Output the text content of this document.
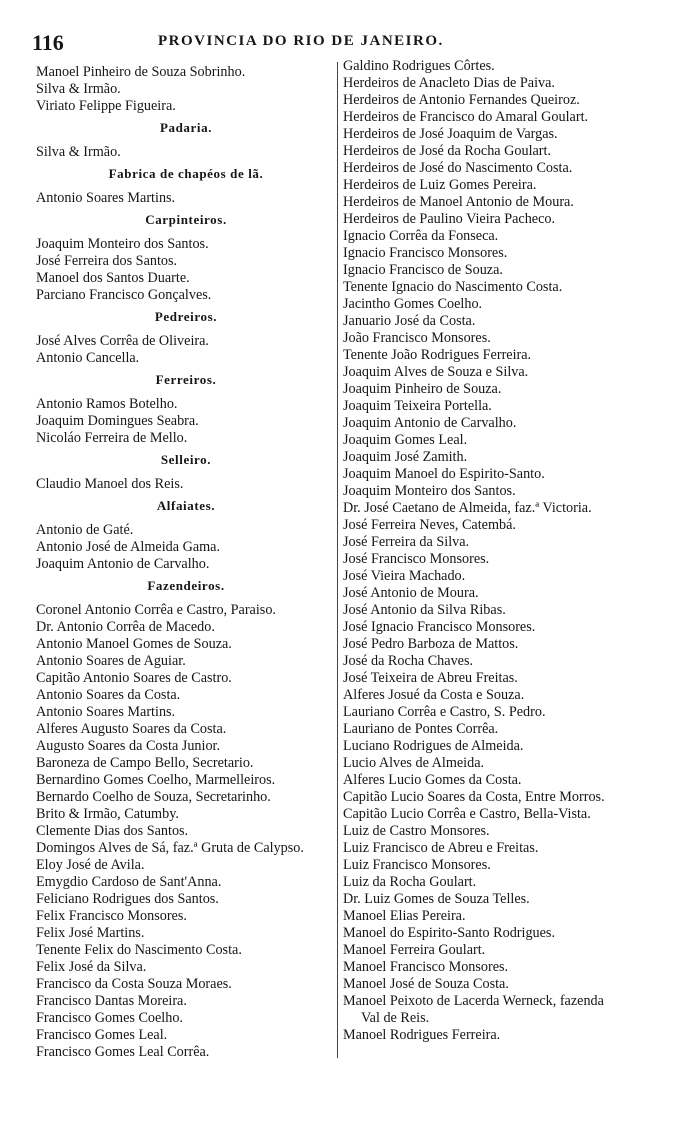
116	PROVINCIA DO RIO DE JANEIRO.
Manoel Pinheiro de Souza Sobrinho.
Silva & Irmão.
Viriato Felippe Figueira.
Padaria.
Silva & Irmão.
Fabrica de chapéos de lã.
Antonio Soares Martins.
Carpinteiros.
Joaquim Monteiro dos Santos.
José Ferreira dos Santos.
Manoel dos Santos Duarte.
Parciano Francisco Gonçalves.
Pedreiros.
José Alves Corrêa de Oliveira.
Antonio Cancella.
Ferreiros.
Antonio Ramos Botelho.
Joaquim Domingues Seabra.
Nicoláo Ferreira de Mello.
Selleiro.
Claudio Manoel dos Reis.
Alfaiates.
Antonio de Gaté.
Antonio José de Almeida Gama.
Joaquim Antonio de Carvalho.
Fazendeiros.
Coronel Antonio Corrêa e Castro, Paraiso.
Dr. Antonio Corrêa de Macedo.
Antonio Manoel Gomes de Souza.
Antonio Soares de Aguiar.
Capitão Antonio Soares de Castro.
Antonio Soares da Costa.
Antonio Soares Martins.
Alferes Augusto Soares da Costa.
Augusto Soares da Costa Junior.
Baroneza de Campo Bello, Secretario.
Bernardino Gomes Coelho, Marmelleiros.
Bernardo Coelho de Souza, Secretarinho.
Brito & Irmão, Catumby.
Clemente Dias dos Santos.
Domingos Alves de Sá, faz.ª Gruta de Calypso.
Eloy José de Avila.
Emygdio Cardoso de Sant'Anna.
Feliciano Rodrigues dos Santos.
Felix Francisco Monsores.
Felix José Martins.
Tenente Felix do Nascimento Costa.
Felix José da Silva.
Francisco da Costa Souza Moraes.
Francisco Dantas Moreira.
Francisco Gomes Coelho.
Francisco Gomes Leal.
Francisco Gomes Leal Corrêa.
Galdino Rodrigues Côrtes.
Herdeiros de Anacleto Dias de Paiva.
Herdeiros de Antonio Fernandes Queiroz.
Herdeiros de Francisco do Amaral Goulart.
Herdeiros de José Joaquim de Vargas.
Herdeiros de José da Rocha Goulart.
Herdeiros de José do Nascimento Costa.
Herdeiros de Luiz Gomes Pereira.
Herdeiros de Manoel Antonio de Moura.
Herdeiros de Paulino Vieira Pacheco.
Ignacio Corrêa da Fonseca.
Ignacio Francisco Monsores.
Ignacio Francisco de Souza.
Tenente Ignacio do Nascimento Costa.
Jacintho Gomes Coelho.
Januario José da Costa.
João Francisco Monsores.
Tenente João Rodrigues Ferreira.
Joaquim Alves de Souza e Silva.
Joaquim Pinheiro de Souza.
Joaquim Teixeira Portella.
Joaquim Antonio de Carvalho.
Joaquim Gomes Leal.
Joaquim José Zamith.
Joaquim Manoel do Espirito-Santo.
Joaquim Monteiro dos Santos.
Dr. José Caetano de Almeida, faz.ª Victoria.
José Ferreira Neves, Catembá.
José Ferreira da Silva.
José Francisco Monsores.
José Vieira Machado.
José Antonio de Moura.
José Antonio da Silva Ribas.
José Ignacio Francisco Monsores.
José Pedro Barboza de Mattos.
José da Rocha Chaves.
José Teixeira de Abreu Freitas.
Alferes Josué da Costa e Souza.
Lauriano Corrêa e Castro, S. Pedro.
Lauriano de Pontes Corrêa.
Luciano Rodrigues de Almeida.
Lucio Alves de Almeida.
Alferes Lucio Gomes da Costa.
Capitão Lucio Soares da Costa, Entre Morros.
Capitão Lucio Corrêa e Castro, Bella-Vista.
Luiz de Castro Monsores.
Luiz Francisco de Abreu e Freitas.
Luiz Francisco Monsores.
Luiz da Rocha Goulart.
Dr. Luiz Gomes de Souza Telles.
Manoel Elias Pereira.
Manoel do Espirito-Santo Rodrigues.
Manoel Ferreira Goulart.
Manoel Francisco Monsores.
Manoel José de Souza Costa.
Manoel Peixoto de Lacerda Werneck, fazenda
Val de Reis.
Manoel Rodrigues Ferreira.
